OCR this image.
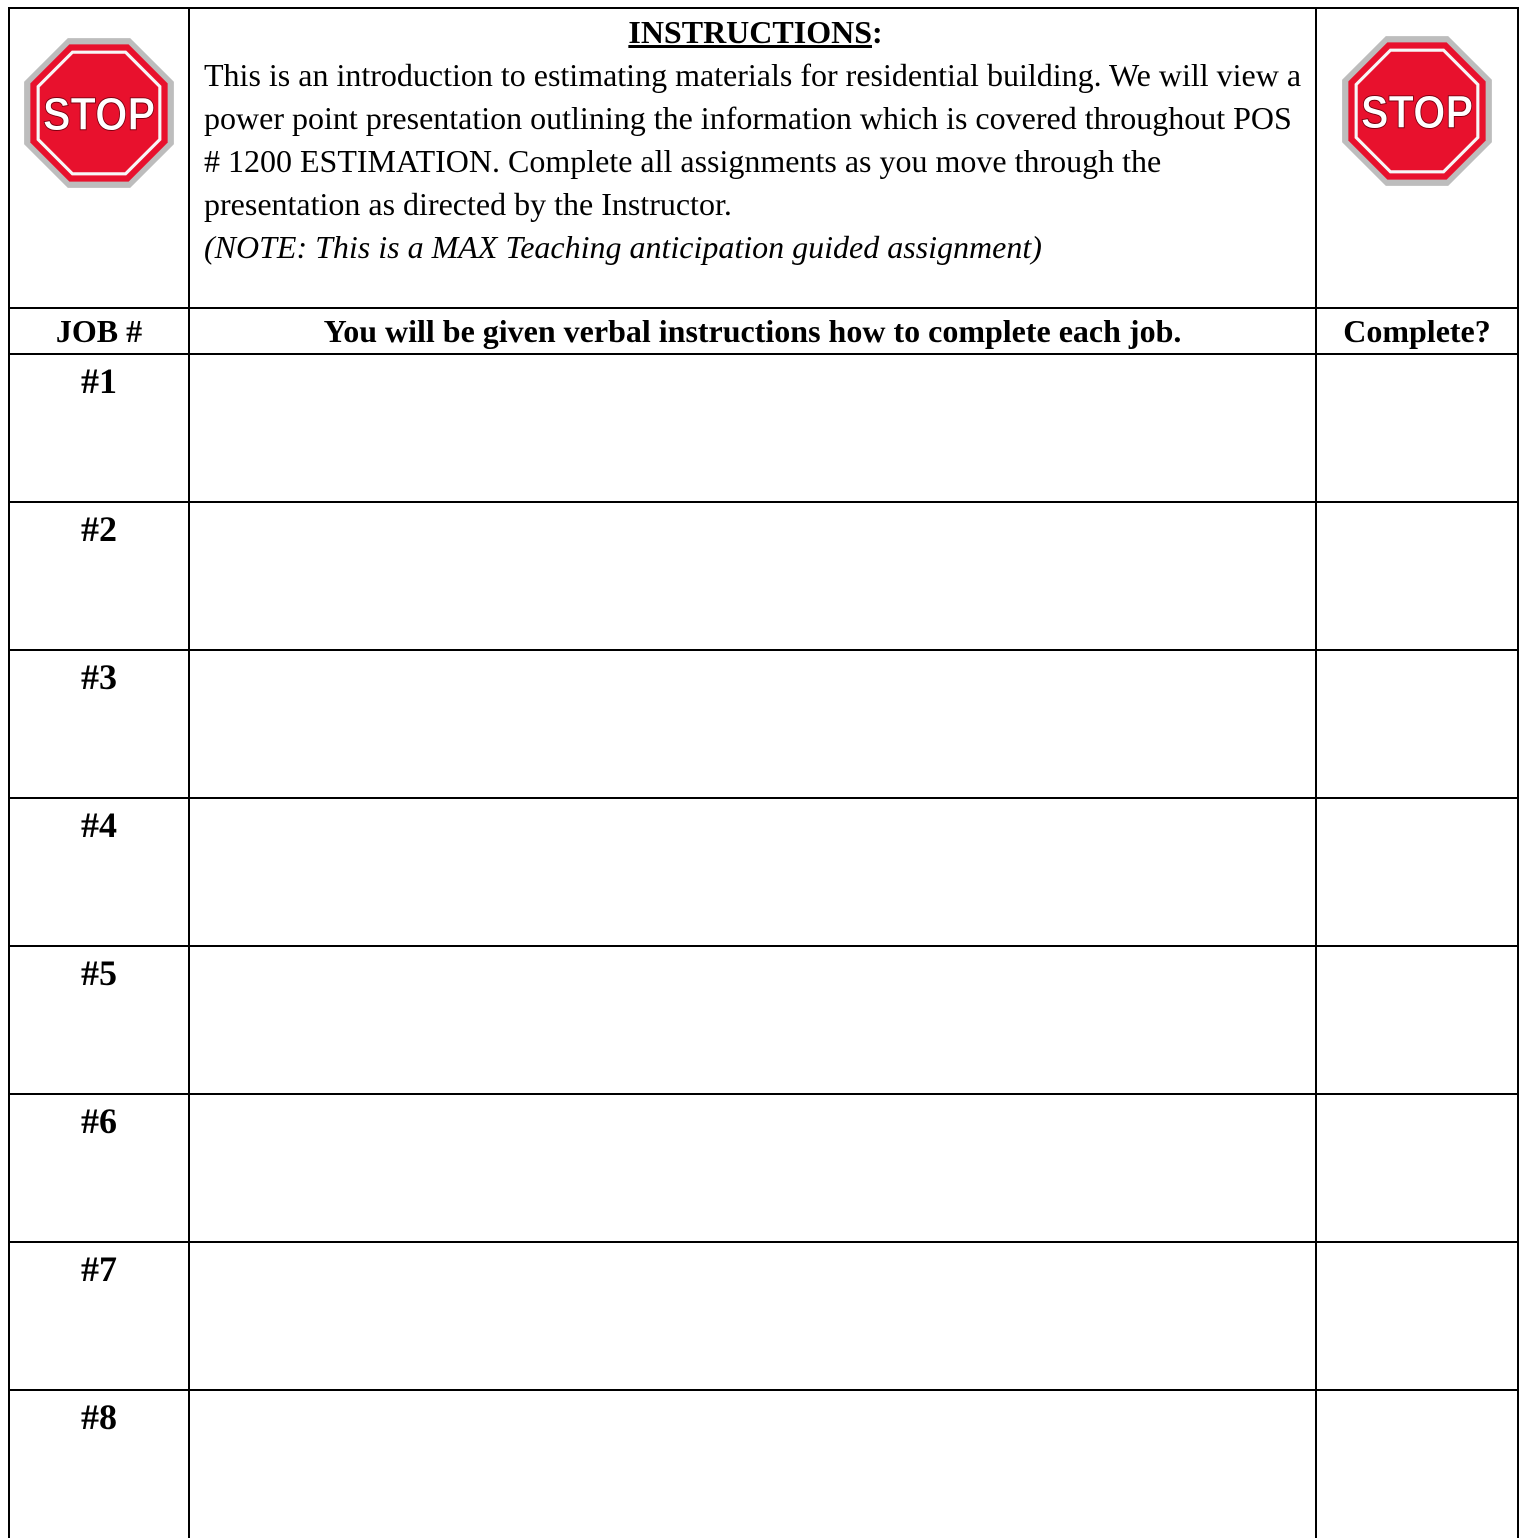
STOP	INSTRUCTIONS:
This is an introduction to estimating materials for residential building. We will view a power point presentation outlining the information which is covered throughout POS # 1200 ESTIMATION. Complete all assignments as you move through the presentation as directed by the Instructor.
(NOTE: This is a MAX Teaching anticipation guided assignment)	STOP

JOB #	You will be given verbal instructions how to complete each job.	Complete?
#1		
#2		
#3		
#4		
#5		
#6		
#7		
#8		
